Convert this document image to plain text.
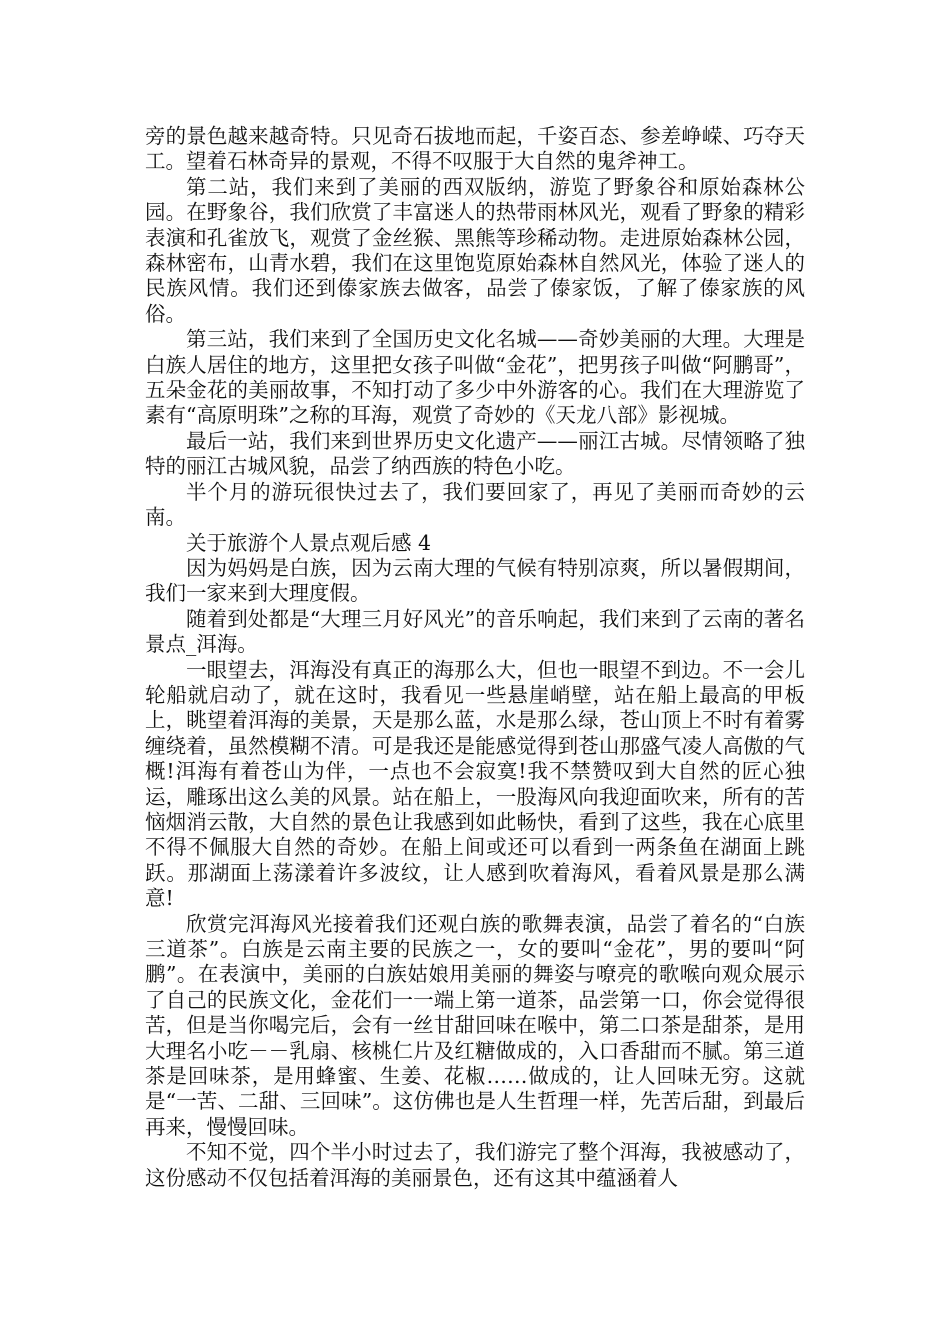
旁的景色越来越奇特。只见奇石拔地而起，千姿百态、参差峥嵘、巧夺天工。望着石林奇异的景观，不得不叹服于大自然的鬼斧神工。

第二站，我们来到了美丽的西双版纳，游览了野象谷和原始森林公园。在野象谷，我们欣赏了丰富迷人的热带雨林风光，观看了野象的精彩表演和孔雀放飞，观赏了金丝猴、黑熊等珍稀动物。走进原始森林公园，森林密布，山青水碧，我们在这里饱览原始森林自然风光，体验了迷人的民族风情。我们还到傣家族去做客，品尝了傣家饭，了解了傣家族的风俗。

第三站，我们来到了全国历史文化名城——奇妙美丽的大理。大理是白族人居住的地方，这里把女孩子叫做“金花”，把男孩子叫做“阿鹏哥”，五朵金花的美丽故事，不知打动了多少中外游客的心。我们在大理游览了素有“高原明珠”之称的耳海，观赏了奇妙的《天龙八部》影视城。

最后一站，我们来到世界历史文化遗产——丽江古城。尽情领略了独特的丽江古城风貌，品尝了纳西族的特色小吃。

半个月的游玩很快过去了，我们要回家了，再见了美丽而奇妙的云南。

关于旅游个人景点观后感 4

因为妈妈是白族，因为云南大理的气候有特别凉爽，所以暑假期间，我们一家来到大理度假。

随着到处都是“大理三月好风光”的音乐响起，我们来到了云南的著名景点_洱海。

一眼望去，洱海没有真正的海那么大，但也一眼望不到边。不一会儿轮船就启动了，就在这时，我看见一些悬崖峭壁，站在船上最高的甲板上，眺望着洱海的美景，天是那么蓝，水是那么绿，苍山顶上不时有着雾缠绕着，虽然模糊不清。可是我还是能感觉得到苍山那盛气凌人高傲的气概!洱海有着苍山为伴，一点也不会寂寞!我不禁赞叹到大自然的匠心独运，雕琢出这么美的风景。站在船上，一股海风向我迎面吹来，所有的苦恼烟消云散，大自然的景色让我感到如此畅快，看到了这些，我在心底里不得不佩服大自然的奇妙。在船上间或还可以看到一两条鱼在湖面上跳跃。那湖面上荡漾着许多波纹，让人感到吹着海风，看着风景是那么满意!

欣赏完洱海风光接着我们还观白族的歌舞表演，品尝了着名的“白族三道茶”。白族是云南主要的民族之一，女的要叫“金花”，男的要叫“阿鹏”。在表演中，美丽的白族姑娘用美丽的舞姿与嘹亮的歌喉向观众展示了自己的民族文化，金花们一一端上第一道茶，品尝第一口，你会觉得很苦，但是当你喝完后，会有一丝甘甜回味在喉中，第二口茶是甜茶，是用大理名小吃－－乳扇、核桃仁片及红糖做成的，入口香甜而不腻。第三道茶是回味茶，是用蜂蜜、生姜、花椒……做成的，让人回味无穷。这就是“一苦、二甜、三回味”。这仿佛也是人生哲理一样，先苦后甜，到最后再来，慢慢回味。

不知不觉，四个半小时过去了，我们游完了整个洱海，我被感动了，这份感动不仅包括着洱海的美丽景色，还有这其中蕴涵着人
